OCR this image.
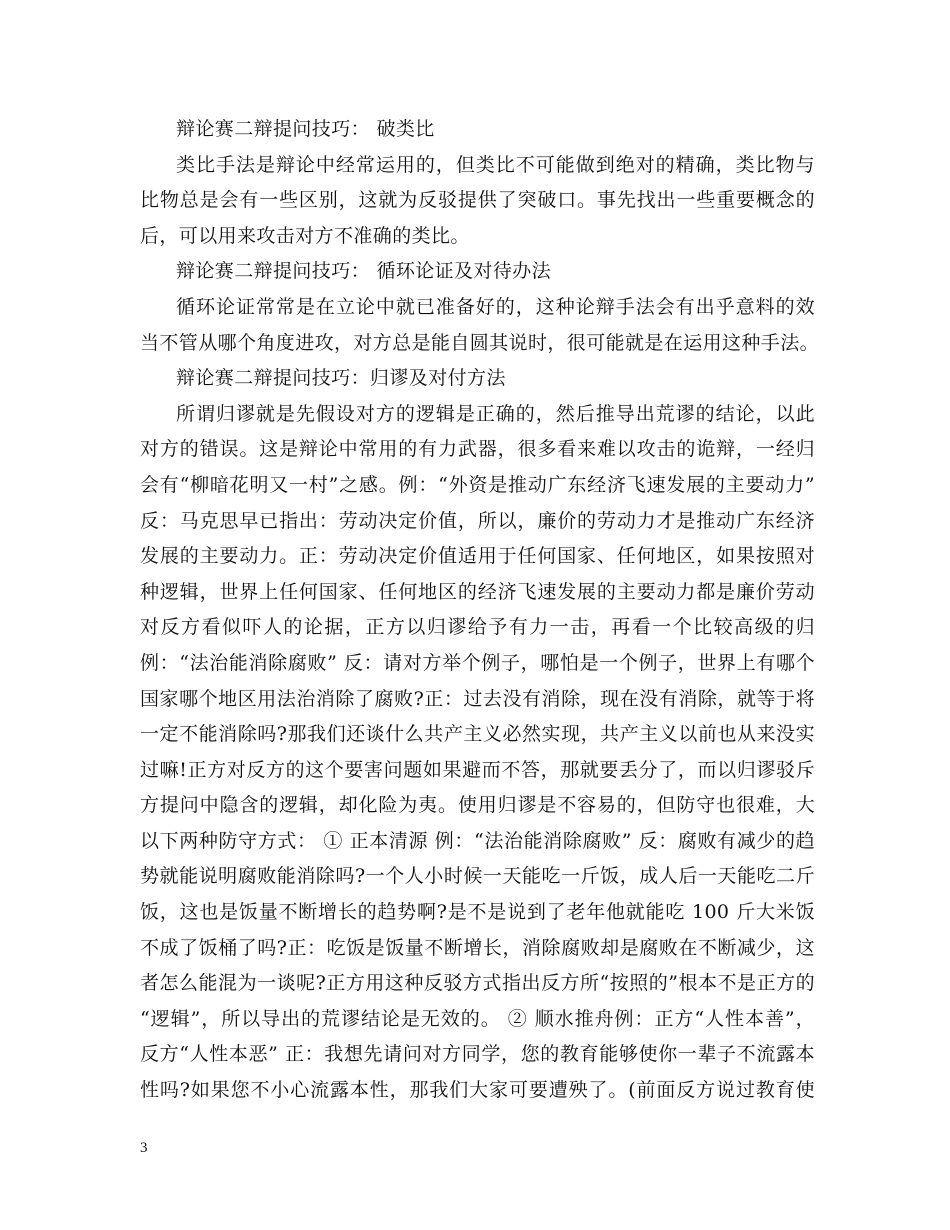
辩论赛二辩提问技巧： 破类比
类比手法是辩论中经常运用的，但类比不可能做到绝对的精确，类比物与
比物总是会有一些区别，这就为反驳提供了突破口。事先找出一些重要概念的
后，可以用来攻击对方不准确的类比。
辩论赛二辩提问技巧： 循环论证及对待办法
循环论证常常是在立论中就已准备好的，这种论辩手法会有出乎意料的效
当不管从哪个角度进攻，对方总是能自圆其说时，很可能就是在运用这种手法。
辩论赛二辩提问技巧：归谬及对付方法
所谓归谬就是先假设对方的逻辑是正确的，然后推导出荒谬的结论，以此
对方的错误。这是辩论中常用的有力武器，很多看来难以攻击的诡辩，一经归
会有“柳暗花明又一村”之感。例：“外资是推动广东经济飞速发展的主要动力”
反：马克思早已指出：劳动决定价值，所以，廉价的劳动力才是推动广东经济
发展的主要动力。正：劳动决定价值适用于任何国家、任何地区，如果按照对
种逻辑，世界上任何国家、任何地区的经济飞速发展的主要动力都是廉价劳动
对反方看似吓人的论据，正方以归谬给予有力一击，再看一个比较高级的归
例：“法治能消除腐败” 反：请对方举个例子，哪怕是一个例子，世界上有哪个
国家哪个地区用法治消除了腐败?正：过去没有消除，现在没有消除，就等于将
一定不能消除吗?那我们还谈什么共产主义必然实现，共产主义以前也从来没实
过嘛!正方对反方的这个要害问题如果避而不答，那就要丢分了，而以归谬驳斥
方提问中隐含的逻辑，却化险为夷。使用归谬是不容易的，但防守也很难，大
以下两种防守方式： ① 正本清源 例：“法治能消除腐败” 反：腐败有减少的趋
势就能说明腐败能消除吗?一个人小时候一天能吃一斤饭，成人后一天能吃二斤
饭，这也是饭量不断增长的趋势啊?是不是说到了老年他就能吃 100 斤大米饭
不成了饭桶了吗?正：吃饭是饭量不断增长，消除腐败却是腐败在不断减少，这
者怎么能混为一谈呢?正方用这种反驳方式指出反方所“按照的”根本不是正方的
“逻辑”，所以导出的荒谬结论是无效的。 ② 顺水推舟例：正方“人性本善”，
反方“人性本恶” 正：我想先请问对方同学，您的教育能够使你一辈子不流露本
性吗?如果您不小心流露本性，那我们大家可要遭殃了。(前面反方说过教育使
3
